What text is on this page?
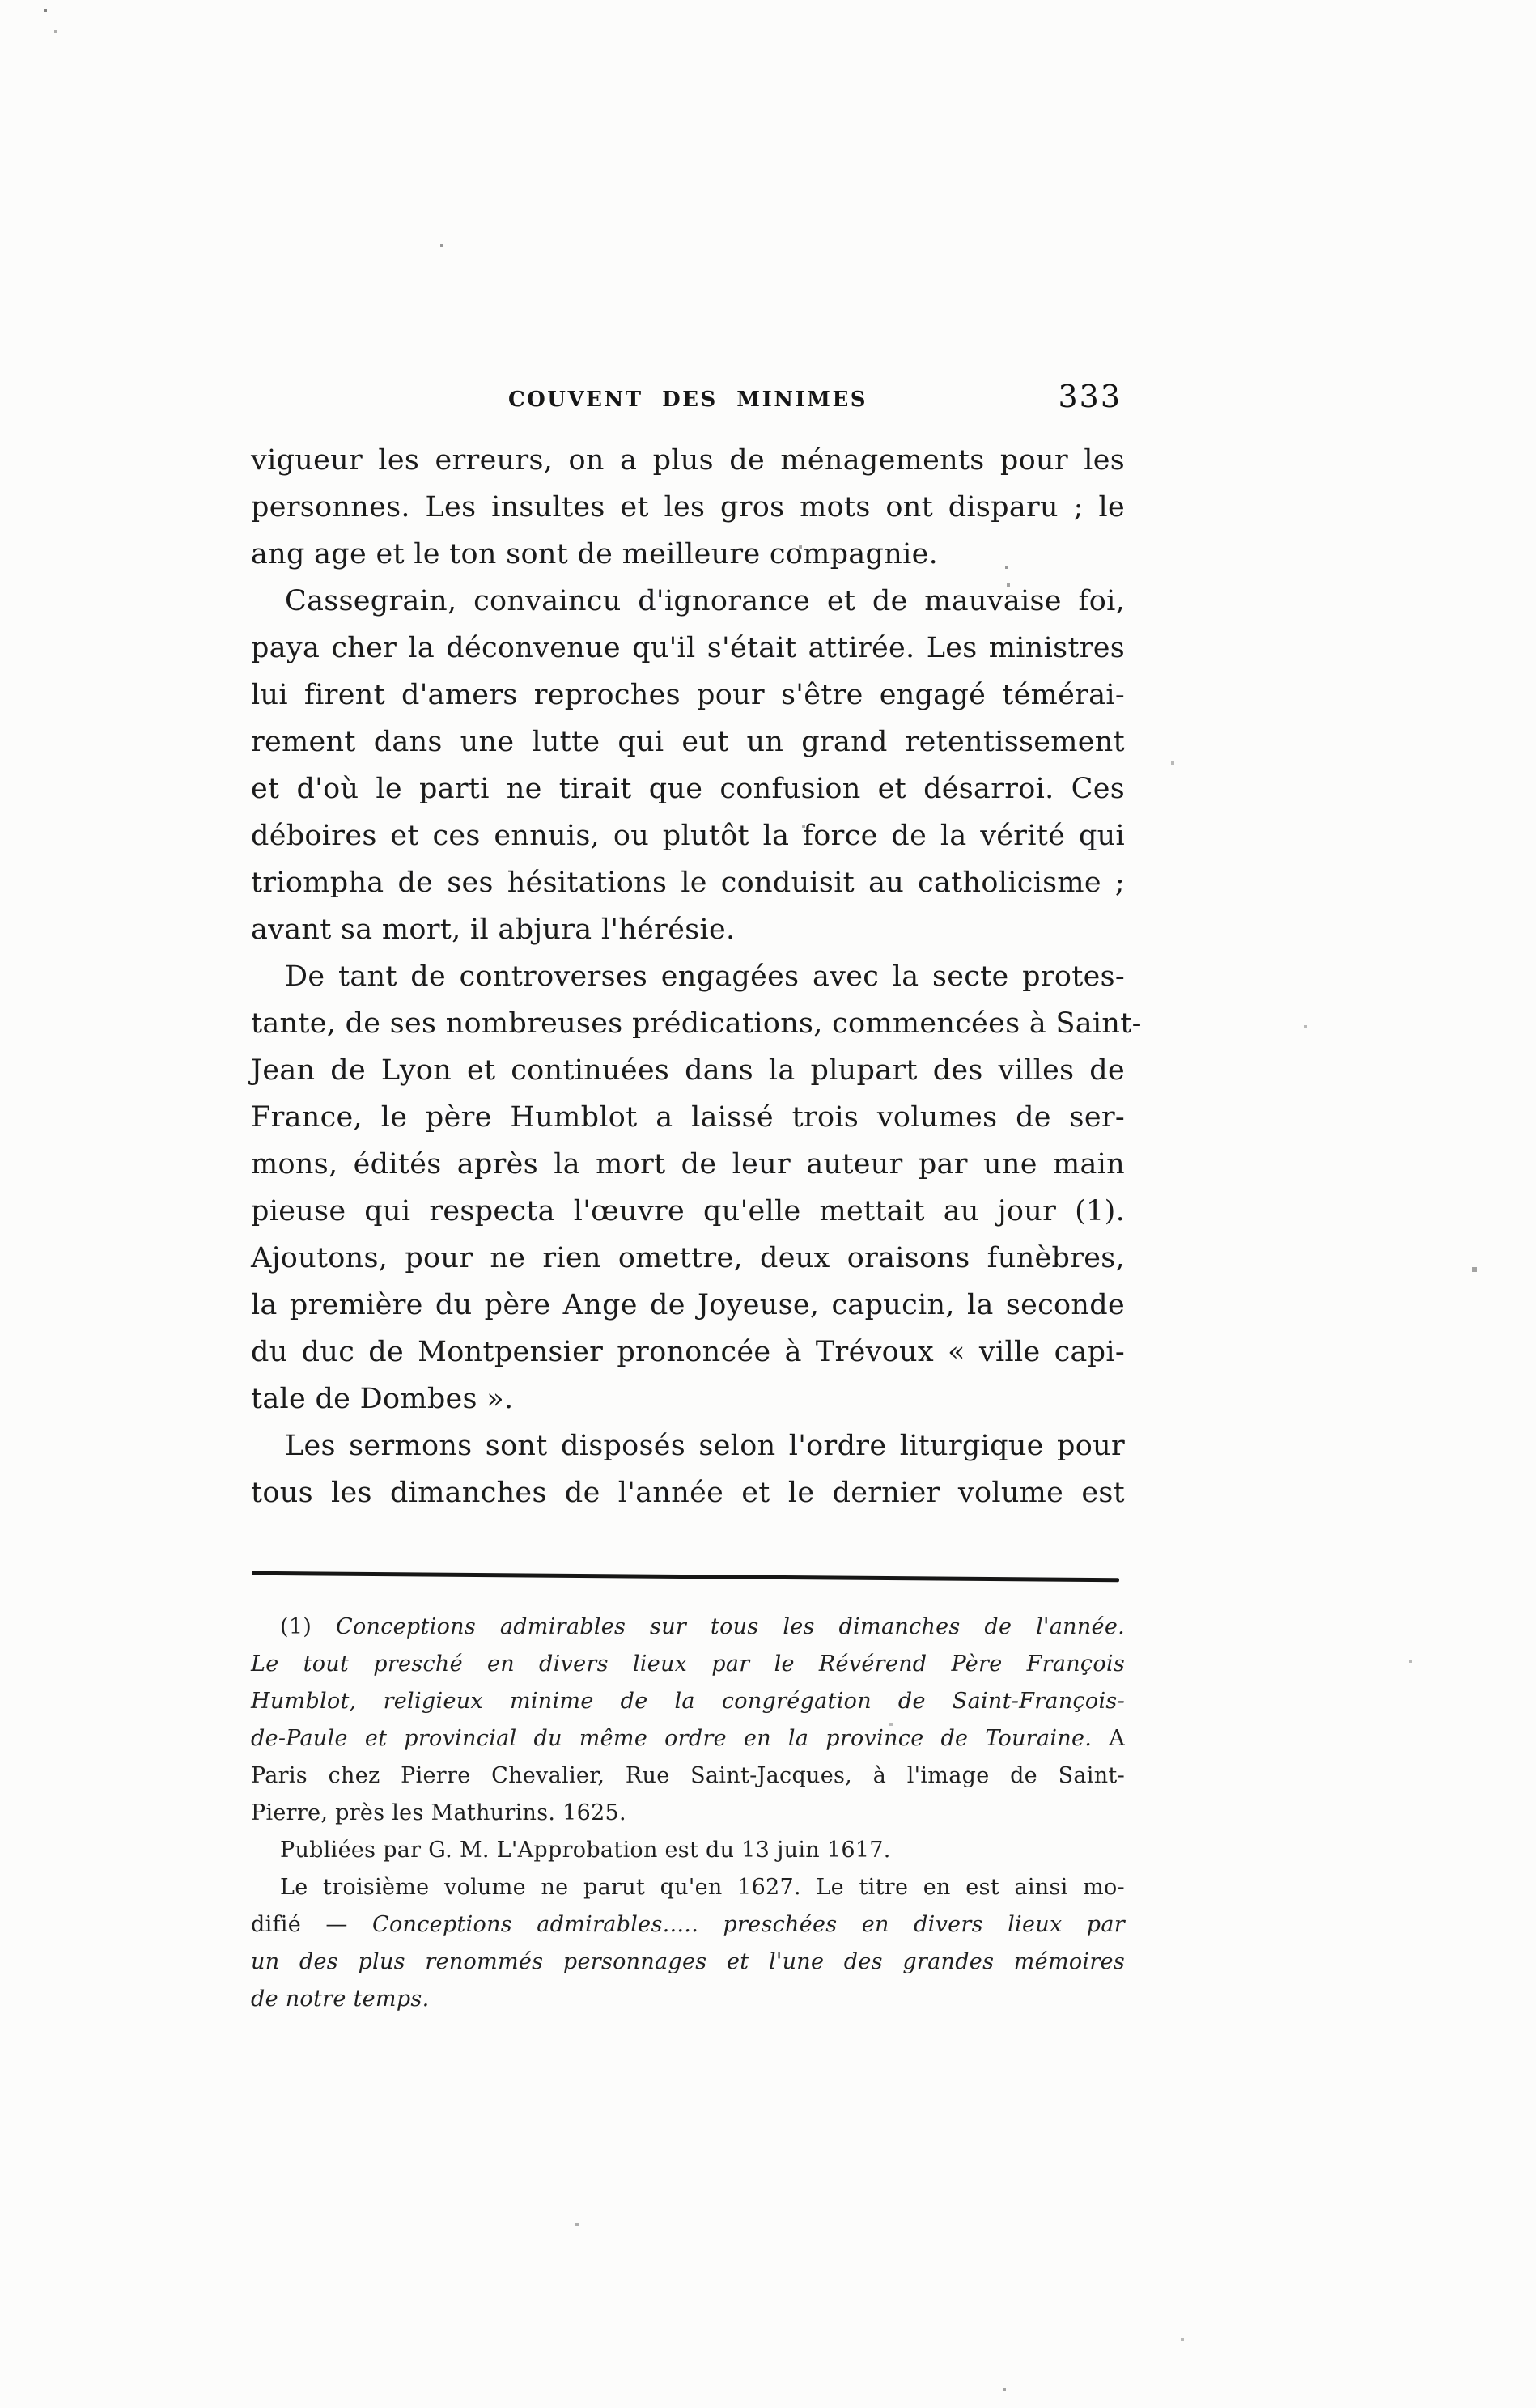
COUVENT DES MINIMES	333
vigueur les erreurs, on a plus de ménagements pour les
personnes. Les insultes et les gros mots ont disparu ; le
ang age et le ton sont de meilleure compagnie.
Cassegrain, convaincu d'ignorance et de mauvaise foi,
paya cher la déconvenue qu'il s'était attirée. Les ministres
lui firent d'amers reproches pour s'être engagé témérai-
rement dans une lutte qui eut un grand retentissement
et d'où le parti ne tirait que confusion et désarroi. Ces
déboires et ces ennuis, ou plutôt la force de la vérité qui
triompha de ses hésitations le conduisit au catholicisme ;
avant sa mort, il abjura l'hérésie.
De tant de controverses engagées avec la secte protes-
tante, de ses nombreuses prédications, commencées à Saint-
Jean de Lyon et continuées dans la plupart des villes de
France, le père Humblot a laissé trois volumes de ser-
mons, édités après la mort de leur auteur par une main
pieuse qui respecta l'œuvre qu'elle mettait au jour (1).
Ajoutons, pour ne rien omettre, deux oraisons funèbres,
la première du père Ange de Joyeuse, capucin, la seconde
du duc de Montpensier prononcée à Trévoux « ville capi-
tale de Dombes ».
Les sermons sont disposés selon l'ordre liturgique pour
tous les dimanches de l'année et le dernier volume est
(1) Conceptions admirables sur tous les dimanches de l'année.
Le tout presché en divers lieux par le Révérend Père François
Humblot, religieux minime de la congrégation de Saint-François-
de-Paule et provincial du même ordre en la province de Touraine. A
Paris chez Pierre Chevalier, Rue Saint-Jacques, à l'image de Saint-
Pierre, près les Mathurins. 1625.
Publiées par G. M. L'Approbation est du 13 juin 1617.
Le troisième volume ne parut qu'en 1627. Le titre en est ainsi mo-
difié — Conceptions admirables..... preschées en divers lieux par
un des plus renommés personnages et l'une des grandes mémoires
de notre temps.
